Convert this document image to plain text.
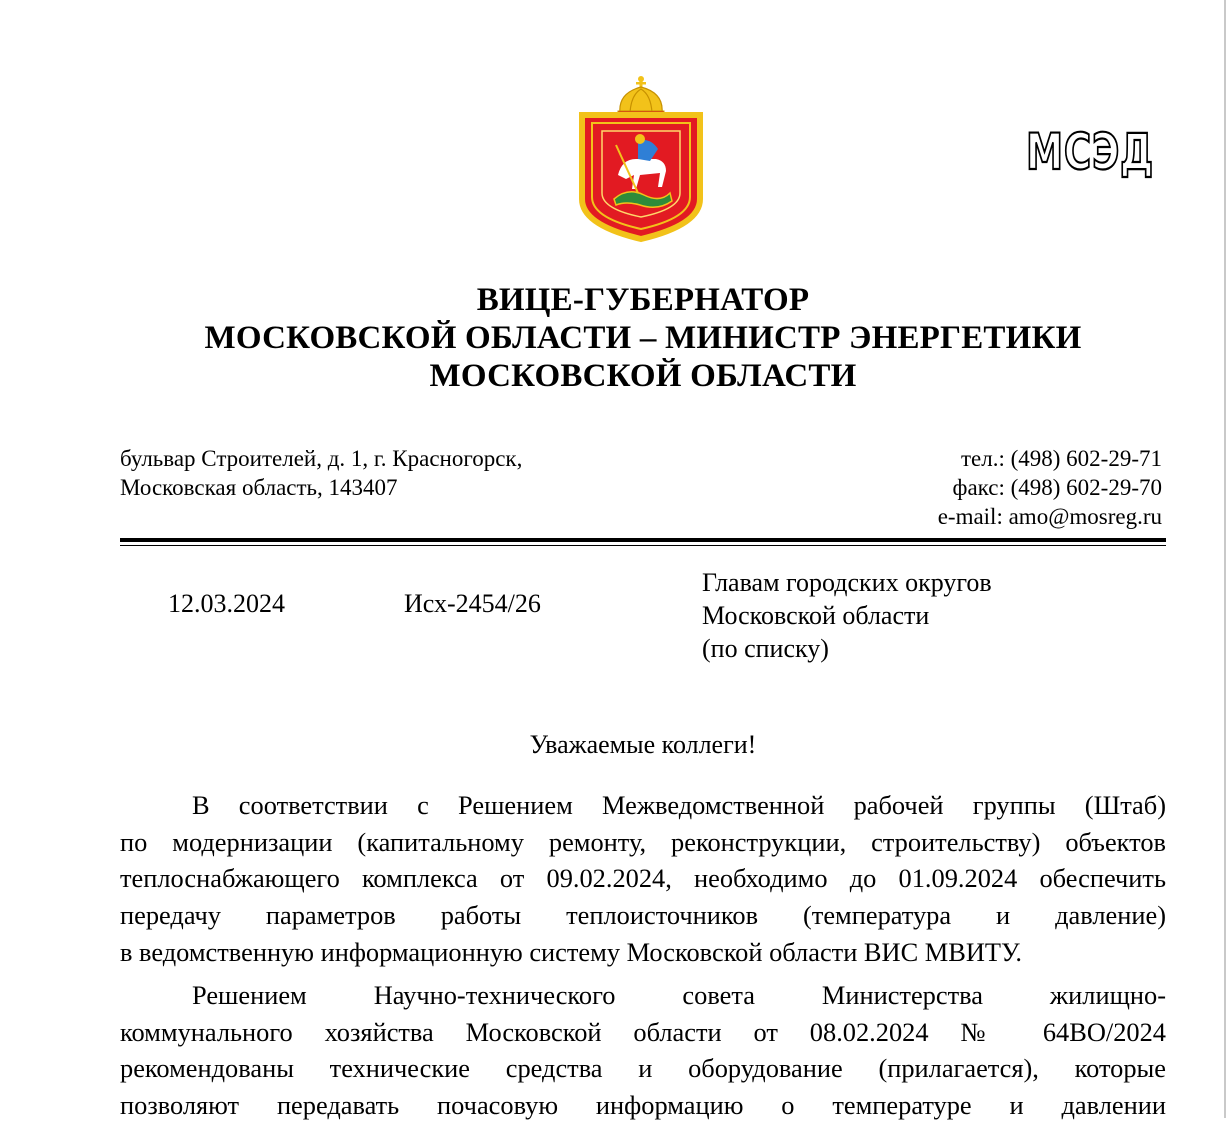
МСЭД
ВИЦЕ-ГУБЕРНАТОР
МОСКОВСКОЙ ОБЛАСТИ – МИНИСТР ЭНЕРГЕТИКИ
МОСКОВСКОЙ ОБЛАСТИ
бульвар Строителей, д. 1, г. Красногорск,
Московская область, 143407
тел.: (498) 602-29-71
факс: (498) 602-29-70
e-mail: amo@mosreg.ru
12.03.2024	Исх-2454/26
Главам городских округов
Московской области
(по списку)
Уважаемые коллеги!
В соответствии с Решением Межведомственной рабочей группы (Штаб)
по модернизации (капитальному ремонту, реконструкции, строительству) объектов
теплоснабжающего комплекса от 09.02.2024, необходимо до 01.09.2024 обеспечить
передачу параметров работы теплоисточников (температура и давление)
в ведомственную информационную систему Московской области ВИС МВИТУ.
Решением Научно-технического совета Министерства жилищно-
коммунального хозяйства Московской области от 08.02.2024 № 64ВО/2024
рекомендованы технические средства и оборудование (прилагается), которые
позволяют передавать почасовую информацию о температуре и давлении
